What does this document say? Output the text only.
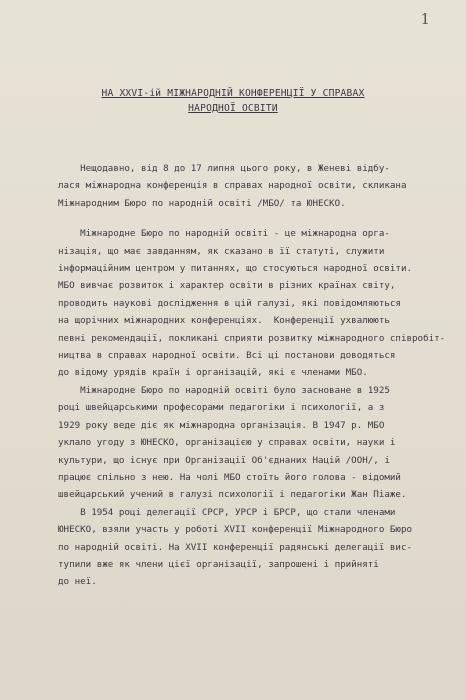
1
НА XXVI-ій МІЖНАРОДНІЙ КОНФЕРЕНЦІЇ У СПРАВАХ
НАРОДНОЇ ОСВІТИ
Нещодавно, від 8 до 17 липня цього року, в Женеві відбу-
лася міжнародна конференція в справах народної освіти, скликана
Міжнародним Бюро по народній освіті /МБО/ та ЮНЕСКО.
Міжнародне Бюро по народній освіті - це міжнародна орга-
нізація, що має завданням, як сказано в її статуті, служити
інформаційним центром у питаннях, що стосуються народної освіти.
МБО вивчає розвиток і характер освіти в різних країнах світу,
проводить наукові дослідження в цій галузі, які повідомляються
на щорічних міжнародних конференціях.  Конференції ухвалюють
певні рекомендації, покликані сприяти розвитку міжнародного співробіт-
ництва в справах народної освіти. Всі ці постанови доводяться
до відому урядів країн і організацій, які є членами МБО.
Міжнародне Бюро по народній освіті було засноване в 1925
році швейцарськими професорами педагогіки і психології, а з
1929 року веде діє як міжнародна організація. В 1947 р. МБО
уклало угоду з ЮНЕСКО, організацією у справах освіти, науки і
культури, що існує при Організації Об'єднаних Націй /ООН/, і
працює спільно з нею. На чолі МБО стоїть його голова - відомий
швейцарський учений в галузі психології і педагогіки Жан Піаже.
В 1954 році делегації СРСР, УРСР і БРСР, що стали членами
ЮНЕСКО, взяли участь у роботі XVII конференції Міжнародного Бюро
по народній освіті. На XVII конференції радянські делегації вис-
тупили вже як члени цієї організації, запрошені і прийняті
до неї.
